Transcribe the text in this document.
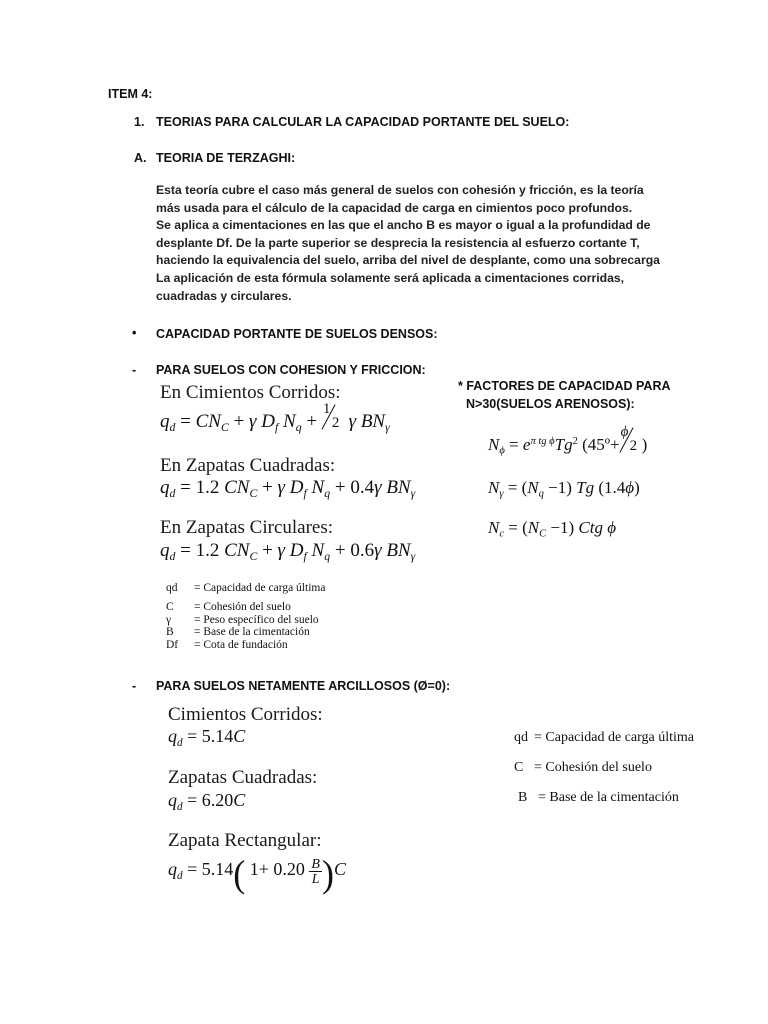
ITEM 4:
1. TEORIAS PARA CALCULAR LA CAPACIDAD PORTANTE DEL SUELO:
A. TEORIA DE TERZAGHI:
Esta teoría cubre el caso más general de suelos con cohesión y fricción, es la teoría
más usada para el cálculo de la capacidad de carga en cimientos poco profundos.
Se aplica a cimentaciones en las que el ancho B es mayor o igual a la profundidad de
desplante Df. De la parte superior se desprecia la resistencia al esfuerzo cortante T,
haciendo la equivalencia del suelo, arriba del nivel de desplante, como una sobrecarga
La aplicación de esta fórmula solamente será aplicada a cimentaciones corridas,
cuadradas y circulares.
• CAPACIDAD PORTANTE DE SUELOS DENSOS:
- PARA SUELOS CON COHESION Y FRICCION:
En Cimientos Corridos:
$q_d = CN_C + \gamma$ $D_f$ $N_q$ +
1
2 γ $BN_\gamma$
En Zapatas Cuadradas:
$q_d = 1.2$ $CN_C + \gamma$ $D_f$ $N_q + 0.4\gamma$ $BN_\gamma$
En Zapatas Circulares:
$q_d = 1.2$ $CN_C + \gamma$ $D_f$ $N_q + 0.6\gamma$ $BN_\gamma$
* FACTORES DE CAPACIDAD PARA
N>30(SUELOS ARENOSOS):
$N_\phi = e^{\pi tg \phi}Tg^2$ (45º+
ϕ
2 )
$N_\gamma = (N_q -1)$ Tg (1.4ϕ)
$N_c = (N_C -1)$ Ctg ϕ
qd = Capacidad de carga última
C = Cohesión del suelo
γ = Peso específico del suelo
B = Base de la cimentación
Df = Cota de fundación
- PARA SUELOS NETAMENTE ARCILLOSOS (Ø=0):
Cimientos Corridos:
$q_d = 5.14C$
Zapatas Cuadradas:
$q_d = 6.20C$
Zapata Rectangular:
$q_d = 5.14$( $1+ 0.20 \frac{B}{L} )C$
qd = Capacidad de carga última
C = Cohesión del suelo
B = Base de la cimentación
